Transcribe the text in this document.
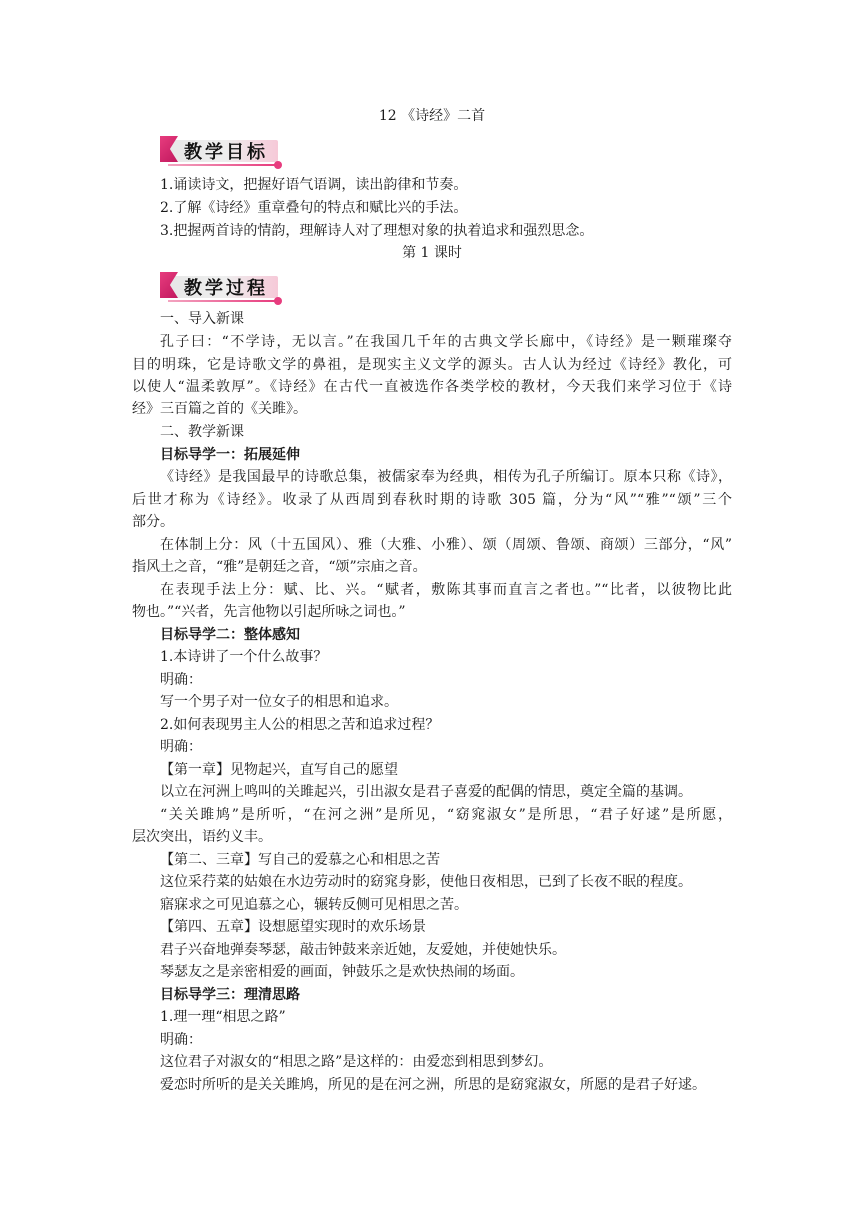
12 《诗经》二首
教学目标
1.诵读诗文，把握好语气语调，读出韵律和节奏。
2.了解《诗经》重章叠句的特点和赋比兴的手法。
3.把握两首诗的情韵，理解诗人对了理想对象的执着追求和强烈思念。
第 1 课时
教学过程
一、导入新课
孔子曰：“不学诗，无以言。”在我国几千年的古典文学长廊中，《诗经》是一颗璀璨夺
目的明珠，它是诗歌文学的鼻祖，是现实主义文学的源头。古人认为经过《诗经》教化，可
以使人“温柔敦厚”。《诗经》在古代一直被选作各类学校的教材，今天我们来学习位于《诗
经》三百篇之首的《关雎》。
二、教学新课
目标导学一：拓展延伸
《诗经》是我国最早的诗歌总集，被儒家奉为经典，相传为孔子所编订。原本只称《诗》，
后世才称为《诗经》。收录了从西周到春秋时期的诗歌 305 篇，分为“风”“雅”“颂”三个
部分。
在体制上分：风（十五国风）、雅（大雅、小雅）、颂（周颂、鲁颂、商颂）三部分，“风”
指风土之音，“雅”是朝廷之音，“颂”宗庙之音。
在表现手法上分：赋、比、兴。“赋者，敷陈其事而直言之者也。”“比者，以彼物比此
物也。”“兴者，先言他物以引起所咏之词也。”
目标导学二：整体感知
1.本诗讲了一个什么故事？
明确：
写一个男子对一位女子的相思和追求。
2.如何表现男主人公的相思之苦和追求过程？
明确：
【第一章】见物起兴，直写自己的愿望
以立在河洲上鸣叫的关雎起兴，引出淑女是君子喜爱的配偶的情思，奠定全篇的基调。
“关关雎鸠”是所听，“在河之洲”是所见，“窈窕淑女”是所思，“君子好逑”是所愿，
层次突出，语约义丰。
【第二、三章】写自己的爱慕之心和相思之苦
这位采荇菜的姑娘在水边劳动时的窈窕身影，使他日夜相思，已到了长夜不眠的程度。
寤寐求之可见追慕之心，辗转反侧可见相思之苦。
【第四、五章】设想愿望实现时的欢乐场景
君子兴奋地弹奏琴瑟，敲击钟鼓来亲近她，友爱她，并使她快乐。
琴瑟友之是亲密相爱的画面，钟鼓乐之是欢快热闹的场面。
目标导学三：理清思路
1.理一理“相思之路”
明确：
这位君子对淑女的“相思之路”是这样的：由爱恋到相思到梦幻。
爱恋时所听的是关关雎鸠，所见的是在河之洲，所思的是窈窕淑女，所愿的是君子好逑。
